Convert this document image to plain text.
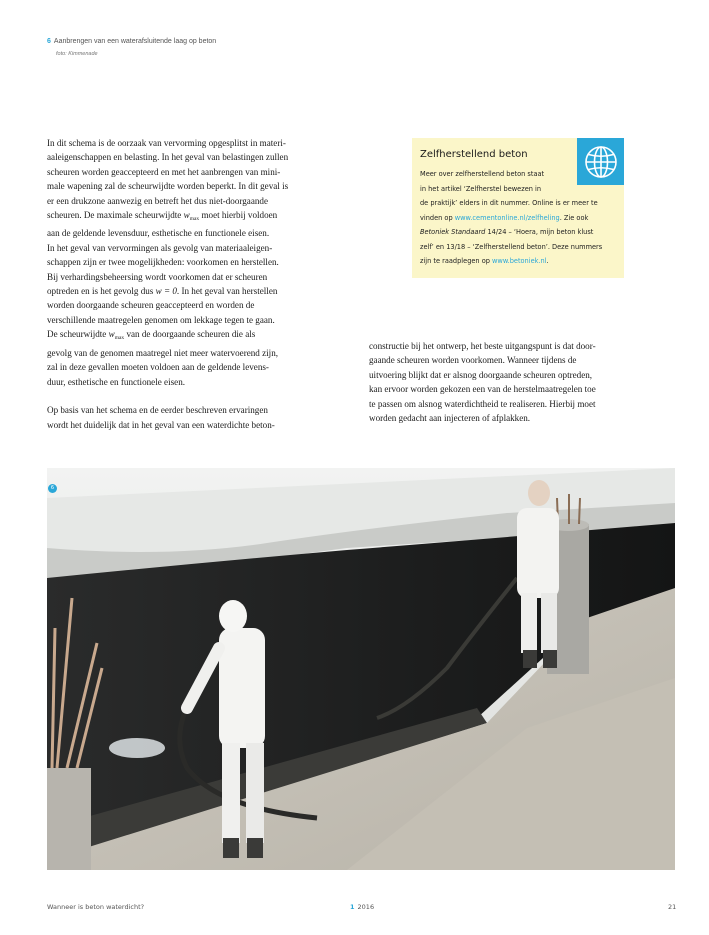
6 Aanbrengen van een waterafsluitende laag op beton
foto: Kimmenade

In dit schema is de oorzaak van vervorming opgesplitst in materi-

aaleigenschappen en belasting. In het geval van belastingen zullen

scheuren worden geaccepteerd en met het aanbrengen van mini-

male wapening zal de scheurwijdte worden beperkt. In dit geval is

er een drukzone aanwezig en betreft het dus niet-doorgaande

scheuren. De maximale scheurwijdte $w_{max}$ moet hierbij voldoen

aan de geldende levensduur, esthetische en functionele eisen.

In het geval van vervormingen als gevolg van materiaaleigen-

schappen zijn er twee mogelijkheden: voorkomen en herstellen.

Bij verhardingsbeheersing wordt voorkomen dat er scheuren

optreden en is het gevolg dus w = 0. In het geval van herstellen

worden doorgaande scheuren geaccepteerd en worden de

verschillende maatregelen genomen om lekkage tegen te gaan.

De scheurwijdte $w_{max}$ van de doorgaande scheuren die als

gevolg van de genomen maatregel niet meer watervoerend zijn,

zal in deze gevallen moeten voldoen aan de geldende levens-

duur, esthetische en functionele eisen.

Op basis van het schema en de eerder beschreven ervaringen

wordt het duidelijk dat in het geval van een waterdichte beton-

constructie bij het ontwerp, het beste uitgangspunt is dat door-

gaande scheuren worden voorkomen. Wanneer tijdens de

uitvoering blijkt dat er alsnog doorgaande scheuren optreden,

kan ervoor worden gekozen een van de herstelmaatregelen toe

te passen om alsnog waterdichtheid te realiseren. Hierbij moet

worden gedacht aan injecteren of afplakken.

Zelfherstellend beton
Meer over zelfherstellend beton staat
in het artikel ‘Zelfherstel bewezen in
de praktijk’ elders in dit nummer. Online is er meer te
vinden op www.cementonline.nl/zelfheling. Zie ook
Betoniek Standaard 14/24 – ‘Hoera, mijn beton klust
zelf’ en 13/18 – ‘Zelfherstellend beton’. Deze nummers
zijn te raadplegen op www.betoniek.nl.
6
Wanneer is beton waterdicht?	1 2016	21
